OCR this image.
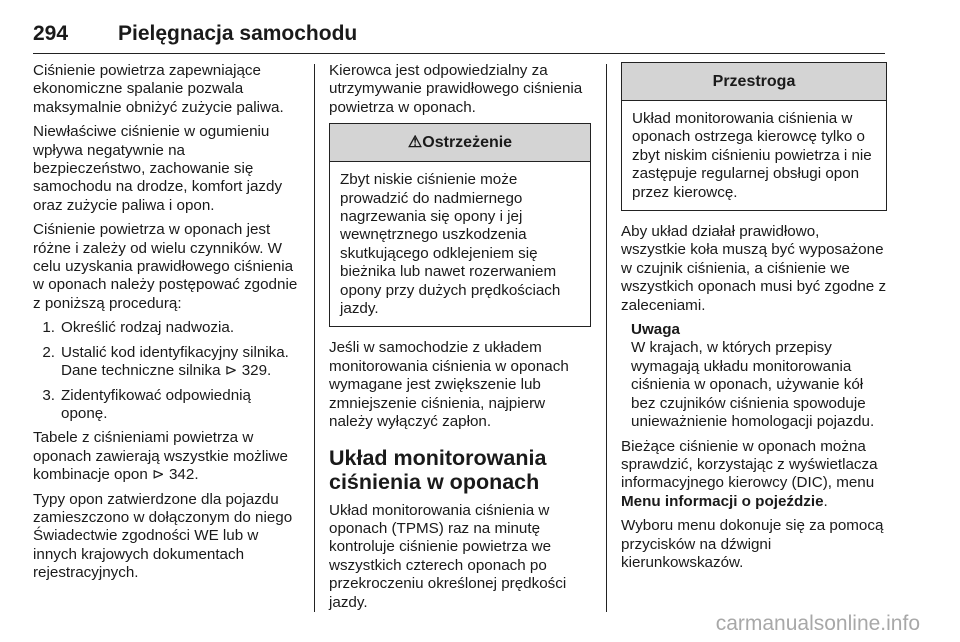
294 Pielęgnacja samochodu

Ciśnienie powietrza zapewniające ekonomiczne spalanie pozwala maksymalnie obniżyć zużycie paliwa.

Niewłaściwe ciśnienie w ogumieniu wpływa negatywnie na bezpieczeństwo, zachowanie się samochodu na drodze, komfort jazdy oraz zużycie paliwa i opon.

Ciśnienie powietrza w oponach jest różne i zależy od wielu czynników. W celu uzyskania prawidłowego ciśnienia w oponach należy postępować zgodnie z poniższą procedurą:

1. Określić rodzaj nadwozia.
2. Ustalić kod identyfikacyjny silnika. Dane techniczne silnika ⊳ 329.
3. Zidentyfikować odpowiednią oponę.

Tabele z ciśnieniami powietrza w oponach zawierają wszystkie możliwe kombinacje opon ⊳ 342.

Typy opon zatwierdzone dla pojazdu zamieszczono w dołączonym do niego Świadectwie zgodności WE lub w innych krajowych dokumentach rejestracyjnych.

Kierowca jest odpowiedzialny za utrzymywanie prawidłowego ciśnienia powietrza w oponach.

⚠Ostrzeżenie
Zbyt niskie ciśnienie może prowadzić do nadmiernego nagrzewania się opony i jej wewnętrznego uszkodzenia skutkującego odklejeniem się bieżnika lub nawet rozerwaniem opony przy dużych prędkościach jazdy.

Jeśli w samochodzie z układem monitorowania ciśnienia w oponach wymagane jest zwiększenie lub zmniejszenie ciśnienia, najpierw należy wyłączyć zapłon.

Układ monitorowania ciśnienia w oponach

Układ monitorowania ciśnienia w oponach (TPMS) raz na minutę kontroluje ciśnienie powietrza we wszystkich czterech oponach po przekroczeniu określonej prędkości jazdy.

Przestroga
Układ monitorowania ciśnienia w oponach ostrzega kierowcę tylko o zbyt niskim ciśnieniu powietrza i nie zastępuje regularnej obsługi opon przez kierowcę.

Aby układ działał prawidłowo, wszystkie koła muszą być wyposażone w czujnik ciśnienia, a ciśnienie we wszystkich oponach musi być zgodne z zaleceniami.

Uwaga
W krajach, w których przepisy wymagają układu monitorowania ciśnienia w oponach, używanie kół bez czujników ciśnienia spowoduje unieważnienie homologacji pojazdu.

Bieżące ciśnienie w oponach można sprawdzić, korzystając z wyświetlacza informacyjnego kierowcy (DIC), menu Menu informacji o pojeździe.

Wyboru menu dokonuje się za pomocą przycisków na dźwigni kierunkowskazów.

carmanualsonline.info
